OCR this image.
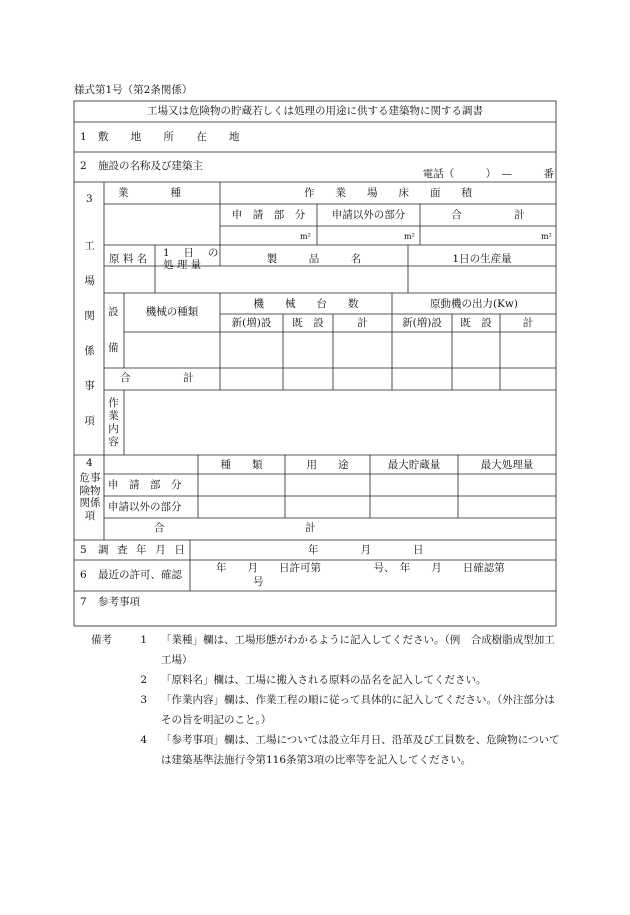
様式第1号（第2条関係）
工場又は危険物の貯蔵若しくは処理の用途に供する建築物に関する調書
1 敷 地 所 在 地
2 施設の名称及び建築主
電話（　　　）　—　　　番
3
工
場
関
係
事
項
業　　　　種	作　　業　　場　　床　　面　　積
申　請　部　分	申請以外の部分	合　　　　　計
m²	m²	m²
原 料 名 1 日 の
処 理 量	製　　　品　　　名	1日の生産量
設
備
機械の種類
機　　械　　台　　数	原動機の出力(Kw)
新(増)設	既　設	計	新(増)設	既　設	計
合　　　　　計
作業内容
4
危事険物関係項
種　　類	用　　途	最大貯蔵量	最大処理量
申　請　部　分
申請以外の部分
合	計
5 調 査 年 月 日	年　　　　月　　　　日
6 最近の許可、確認
年　　月　　日許可第　　　　　号、　年　　月　　日確認第
号
7 参考事項
備考	1	「業種」欄は、工場形態がわかるように記入してください。（例　合成樹脂成型加工工場）
2	「原料名」欄は、工場に搬入される原料の品名を記入してください。
3	「作業内容」欄は、作業工程の順に従って具体的に記入してください。（外注部分はその旨を明記のこと。）
4	「参考事項」欄は、工場については設立年月日、沿革及び工員数を、危険物については建築基準法施行令第116条第3項の比率等を記入してください。
